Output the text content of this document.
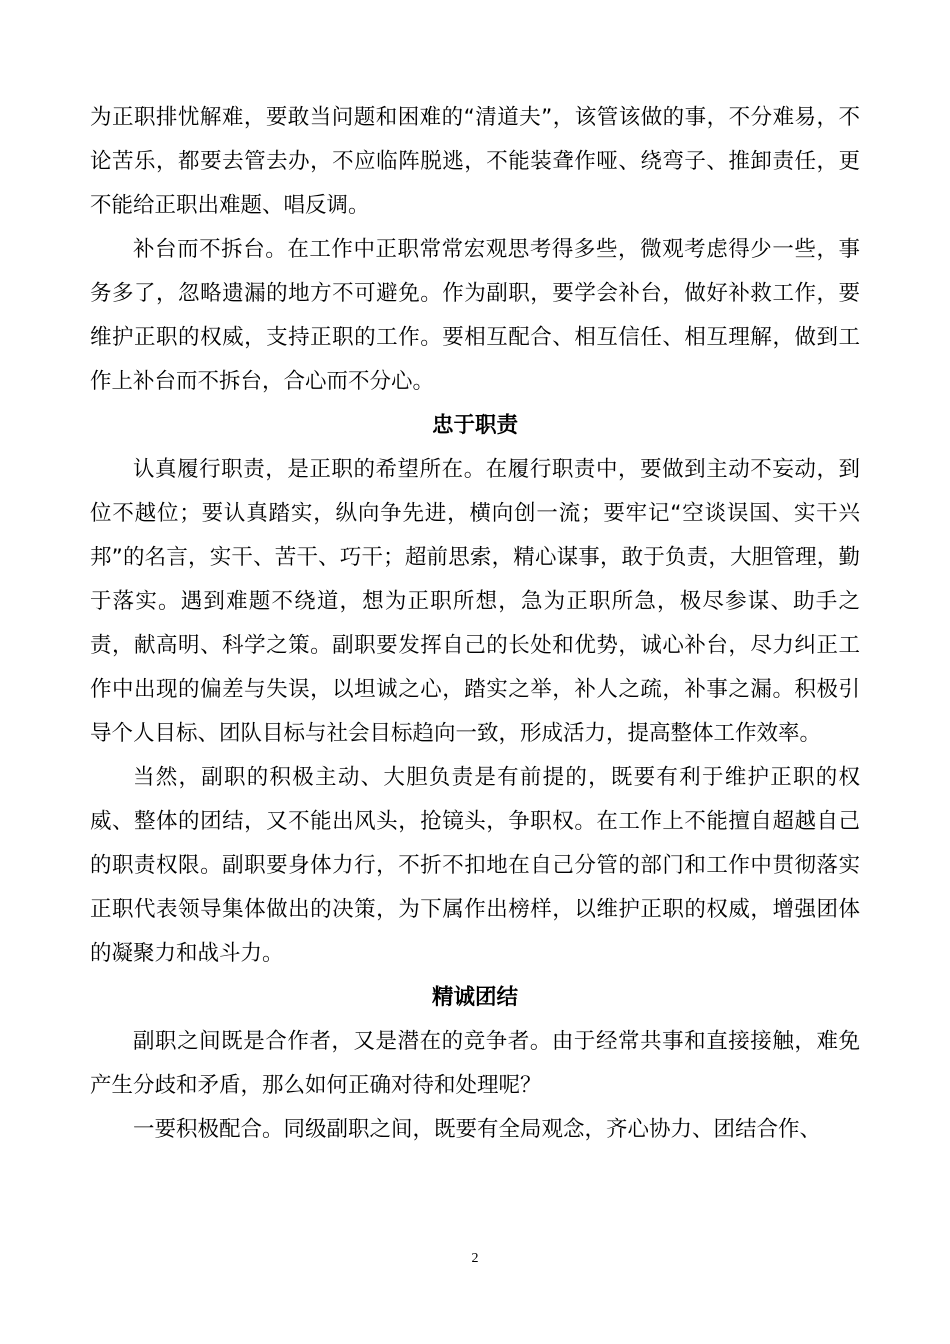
为正职排忧解难，要敢当问题和困难的“清道夫”，该管该做的事，不分难易，不论苦乐，都要去管去办，不应临阵脱逃，不能装聋作哑、绕弯子、推卸责任，更不能给正职出难题、唱反调。

补台而不拆台。在工作中正职常常宏观思考得多些，微观考虑得少一些，事务多了，忽略遗漏的地方不可避免。作为副职，要学会补台，做好补救工作，要维护正职的权威，支持正职的工作。要相互配合、相互信任、相互理解，做到工作上补台而不拆台，合心而不分心。

忠于职责

认真履行职责，是正职的希望所在。在履行职责中，要做到主动不妄动，到位不越位；要认真踏实，纵向争先进，横向创一流；要牢记“空谈误国、实干兴邦”的名言，实干、苦干、巧干；超前思索，精心谋事，敢于负责，大胆管理，勤于落实。遇到难题不绕道，想为正职所想，急为正职所急，极尽参谋、助手之责，献高明、科学之策。副职要发挥自己的长处和优势，诚心补台，尽力纠正工作中出现的偏差与失误，以坦诚之心，踏实之举，补人之疏，补事之漏。积极引导个人目标、团队目标与社会目标趋向一致，形成活力，提高整体工作效率。

当然，副职的积极主动、大胆负责是有前提的，既要有利于维护正职的权威、整体的团结，又不能出风头，抢镜头，争职权。在工作上不能擅自超越自己的职责权限。副职要身体力行，不折不扣地在自己分管的部门和工作中贯彻落实正职代表领导集体做出的决策，为下属作出榜样，以维护正职的权威，增强团体的凝聚力和战斗力。

精诚团结

副职之间既是合作者，又是潜在的竞争者。由于经常共事和直接接触，难免产生分歧和矛盾，那么如何正确对待和处理呢？

一要积极配合。同级副职之间，既要有全局观念，齐心协力、团结合作、

2
